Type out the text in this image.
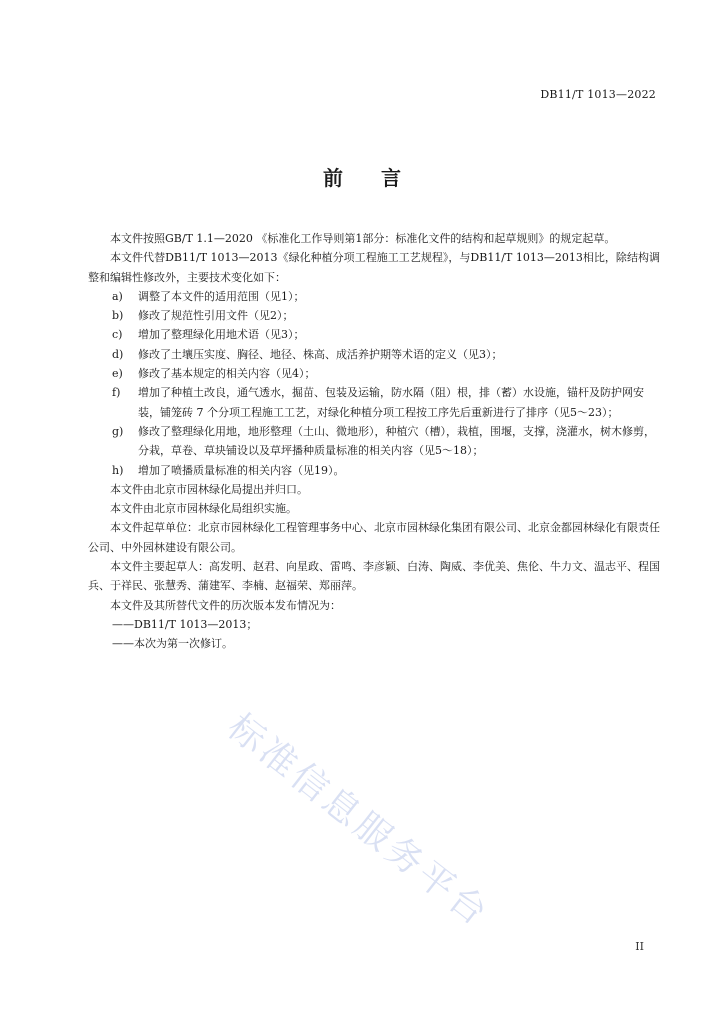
DB11/T 1013—2022
前 言

本文件按照GB/T 1.1—2020 《标准化工作导则第1部分：标准化文件的结构和起草规则》的规定起草。

本文件代替DB11/T 1013—2013《绿化种植分项工程施工工艺规程》，与DB11/T 1013—2013相比，除结构调整和编辑性修改外，主要技术变化如下：

a) 调整了本文件的适用范围（见1）；

b) 修改了规范性引用文件（见2）；

c) 增加了整理绿化用地术语（见3）；

d) 修改了土壤压实度、胸径、地径、株高、成活养护期等术语的定义（见3）；

e) 修改了基本规定的相关内容（见4）；

f) 增加了种植土改良，通气透水，掘苗、包装及运输，防水隔（阻）根，排（蓄）水设施，锚杆及防护网安装，铺笼砖 7 个分项工程施工工艺，对绿化种植分项工程按工序先后重新进行了排序（见5～23）；

g) 修改了整理绿化用地，地形整理（土山、微地形），种植穴（槽），栽植，围堰，支撑，浇灌水，树木修剪，分栽，草卷、草块铺设以及草坪播种质量标准的相关内容（见5～18）；

h) 增加了喷播质量标准的相关内容（见19）。

本文件由北京市园林绿化局提出并归口。

本文件由北京市园林绿化局组织实施。

本文件起草单位：北京市园林绿化工程管理事务中心、北京市园林绿化集团有限公司、北京金都园林绿化有限责任公司、中外园林建设有限公司。

本文件主要起草人：高发明、赵君、向星政、雷鸣、李彦颖、白涛、陶威、李优美、焦伦、牛力文、温志平、程国兵、于祥民、张慧秀、蒲建军、李楠、赵福荣、郑丽萍。

本文件及其所替代文件的历次版本发布情况为：

——DB11/T 1013—2013；

——本次为第一次修订。

标准信息服务平台
II
